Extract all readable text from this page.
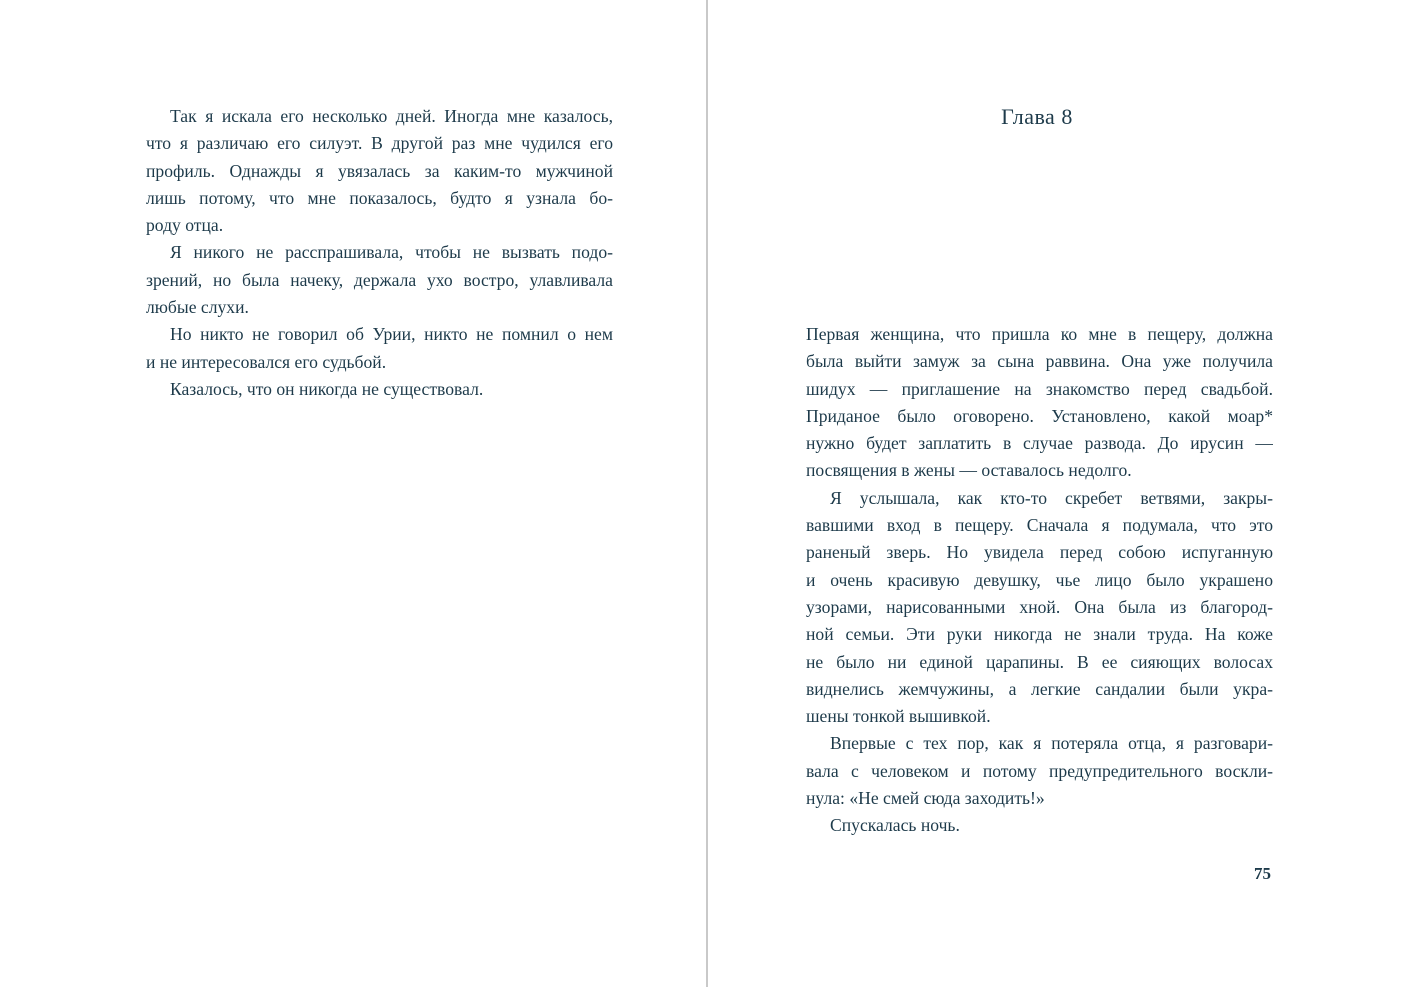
Так я искала его несколько дней. Иногда мне казалось,
что я различаю его силуэт. В другой раз мне чудился его
профиль. Однажды я увязалась за каким-то мужчиной
лишь потому, что мне показалось, будто я узнала бо-
роду отца.
Я никого не расспрашивала, чтобы не вызвать подо-
зрений, но была начеку, держала ухо востро, улавливала
любые слухи.
Но никто не говорил об Урии, никто не помнил о нем
и не интересовался его судьбой.
Казалось, что он никогда не существовал.
Глава 8
Первая женщина, что пришла ко мне в пещеру, должна
была выйти замуж за сына раввина. Она уже получила
шидух — приглашение на знакомство перед свадьбой.
Приданое было оговорено. Установлено, какой моар*
нужно будет заплатить в случае развода. До ирусин —
посвящения в жены — оставалось недолго.
Я услышала, как кто-то скребет ветвями, закры-
вавшими вход в пещеру. Сначала я подумала, что это
раненый зверь. Но увидела перед собою испуганную
и очень красивую девушку, чье лицо было украшено
узорами, нарисованными хной. Она была из благород-
ной семьи. Эти руки никогда не знали труда. На коже
не было ни единой царапины. В ее сияющих волосах
виднелись жемчужины, а легкие сандалии были укра-
шены тонкой вышивкой.
Впервые с тех пор, как я потеряла отца, я разговари-
вала с человеком и потому предупредительного воскли-
нула: «Не смей сюда заходить!»
Спускалась ночь.
75
